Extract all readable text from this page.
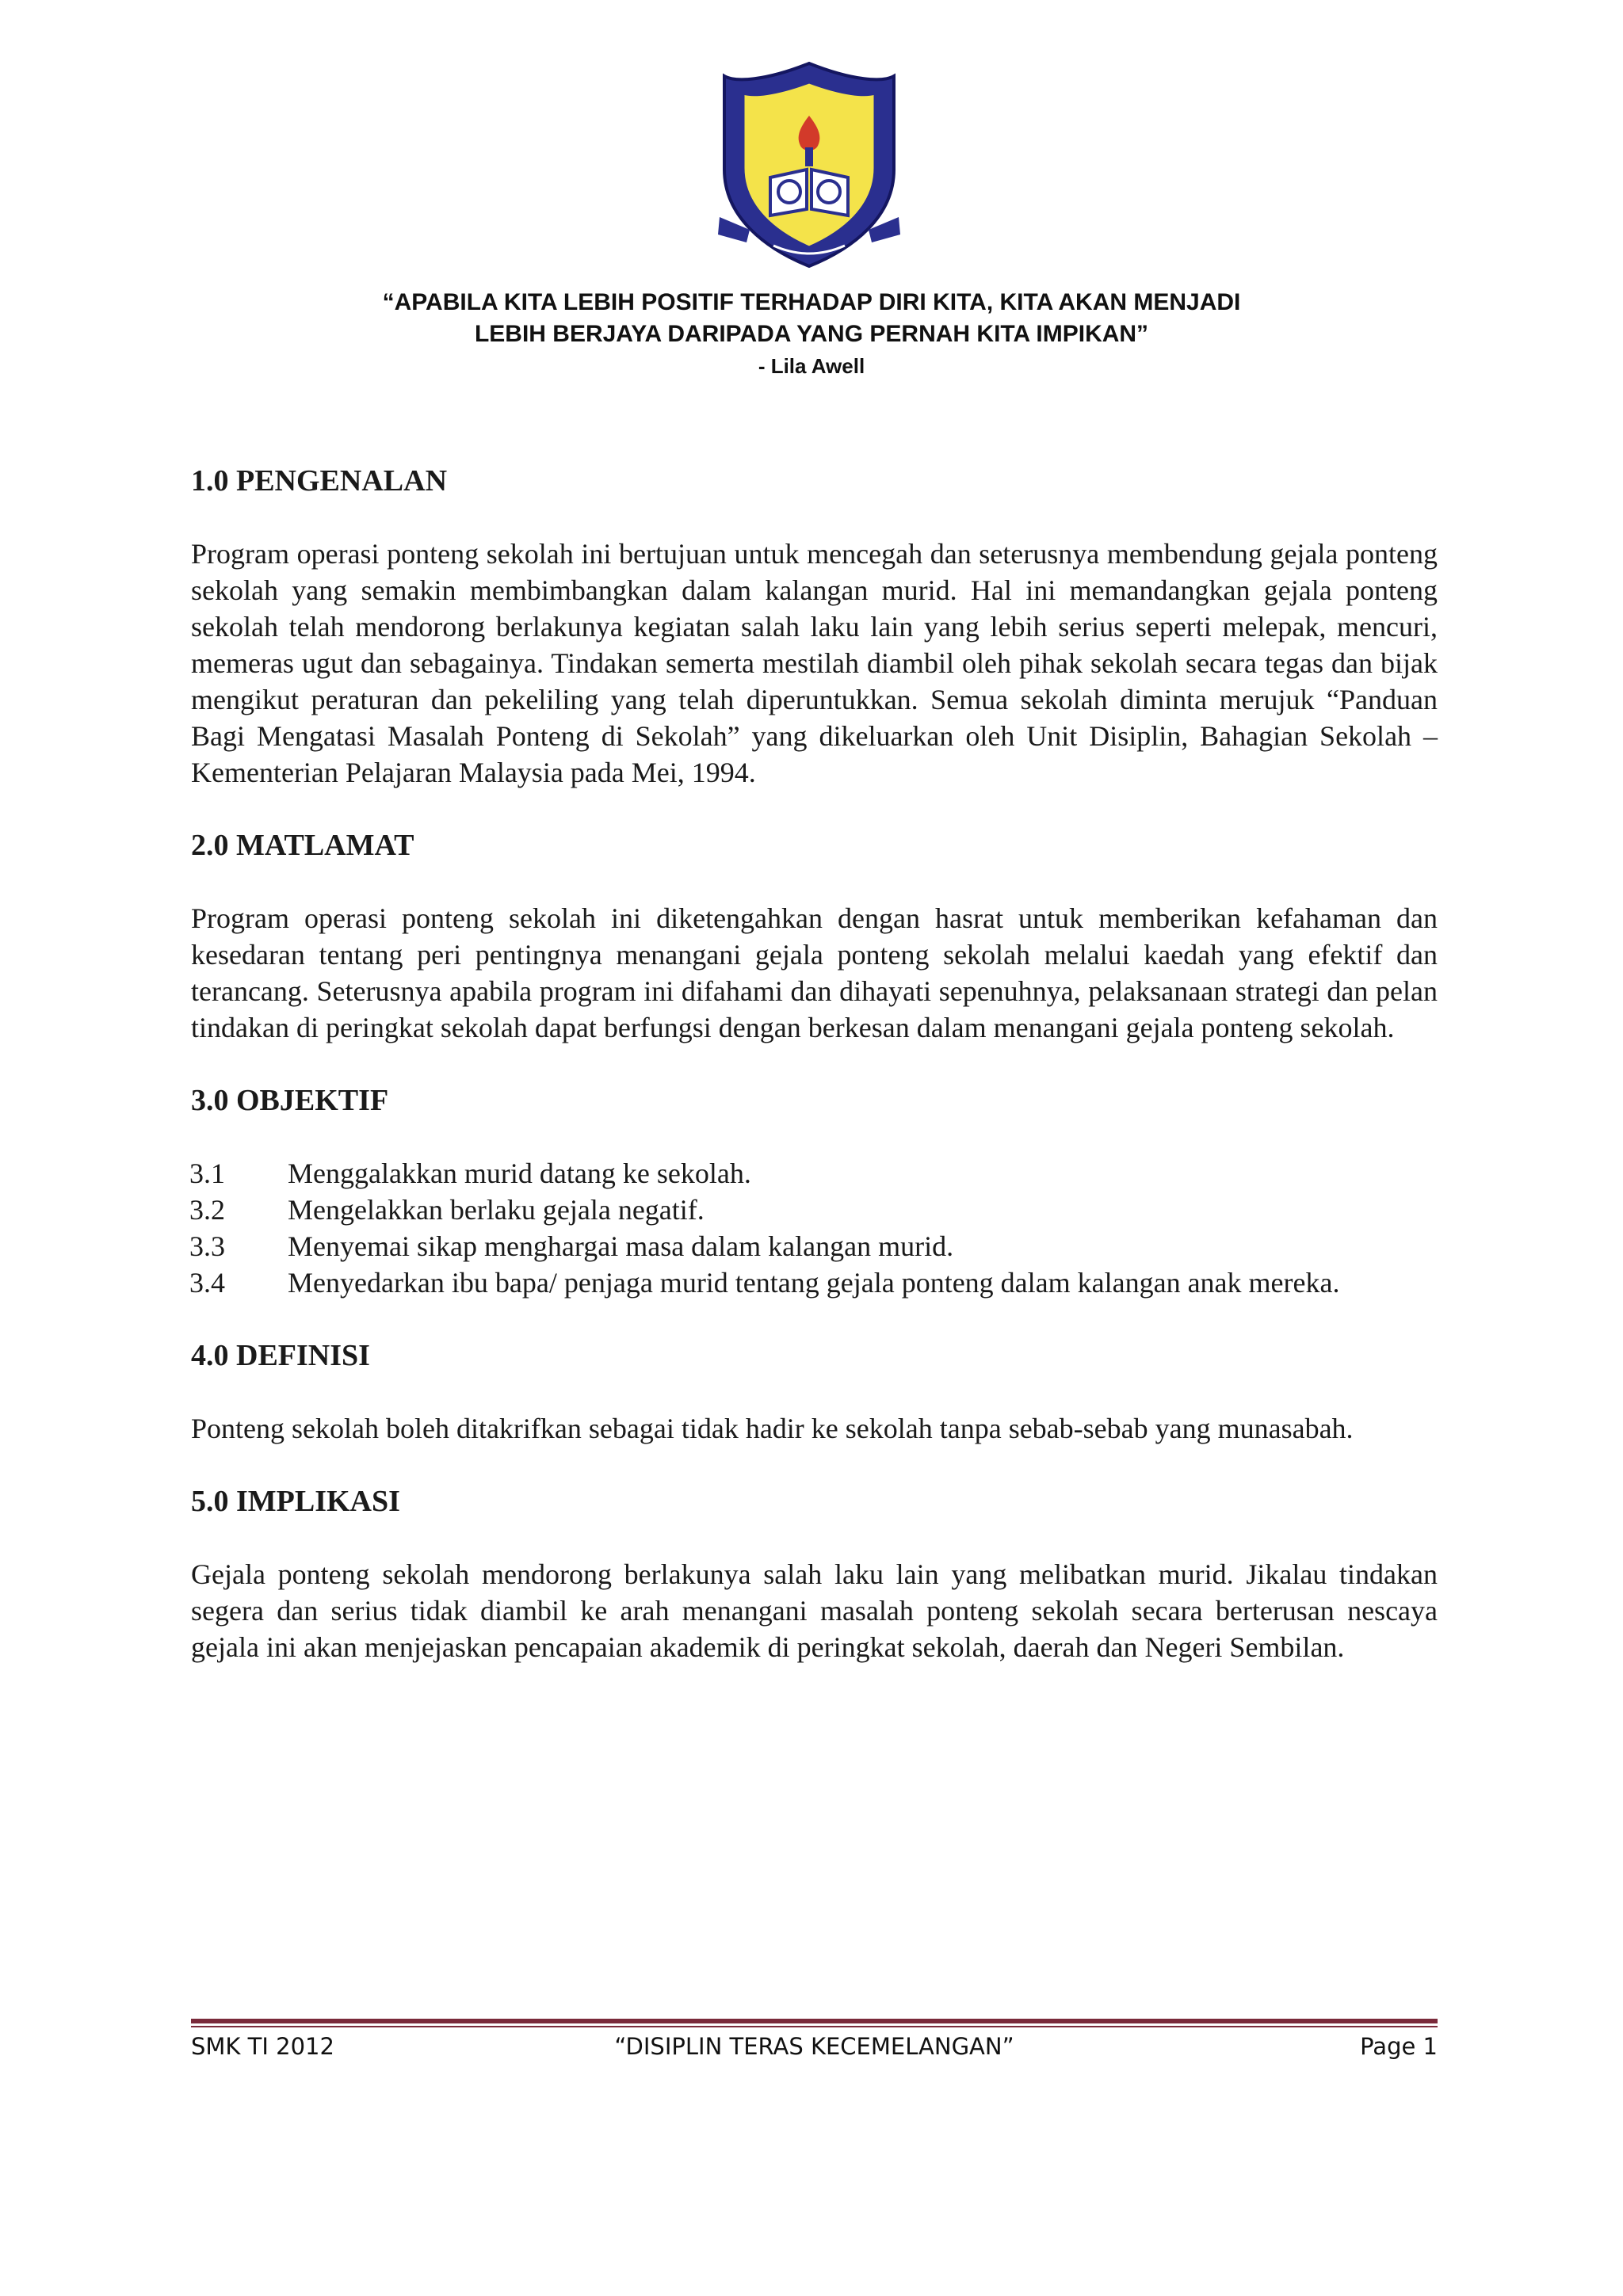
“APABILA KITA LEBIH POSITIF TERHADAP DIRI KITA, KITA AKAN MENJADI
LEBIH BERJAYA DARIPADA YANG PERNAH KITA IMPIKAN”
- Lila Awell
1.0 PENGENALAN

Program operasi ponteng sekolah ini bertujuan untuk mencegah dan seterusnya membendung gejala ponteng sekolah yang semakin membimbangkan dalam kalangan murid. Hal ini memandangkan gejala ponteng sekolah telah mendorong berlakunya kegiatan salah laku lain yang lebih serius seperti melepak, mencuri, memeras ugut dan sebagainya. Tindakan semerta mestilah diambil oleh pihak sekolah secara tegas dan bijak mengikut peraturan dan pekeliling yang telah diperuntukkan. Semua sekolah diminta merujuk “Panduan Bagi Mengatasi Masalah Ponteng di Sekolah” yang dikeluarkan oleh Unit Disiplin, Bahagian Sekolah – Kementerian Pelajaran Malaysia pada Mei, 1994.

2.0 MATLAMAT

Program operasi ponteng sekolah ini diketengahkan dengan hasrat untuk memberikan kefahaman dan kesedaran tentang peri pentingnya menangani gejala ponteng sekolah melalui kaedah yang efektif dan terancang. Seterusnya apabila program ini difahami dan dihayati sepenuhnya, pelaksanaan strategi dan pelan tindakan di peringkat sekolah dapat berfungsi dengan berkesan dalam menangani gejala ponteng sekolah.

3.0 OBJEKTIF
3.1 Menggalakkan murid datang ke sekolah.
3.2 Mengelakkan berlaku gejala negatif.
3.3 Menyemai sikap menghargai masa dalam kalangan murid.
3.4 Menyedarkan ibu bapa/ penjaga murid tentang gejala ponteng dalam kalangan anak mereka.
4.0 DEFINISI

Ponteng sekolah boleh ditakrifkan sebagai tidak hadir ke sekolah tanpa sebab-sebab yang munasabah.

5.0 IMPLIKASI

Gejala ponteng sekolah mendorong berlakunya salah laku lain yang melibatkan murid. Jikalau tindakan segera dan serius tidak diambil ke arah menangani masalah ponteng sekolah secara berterusan nescaya gejala ini akan menjejaskan pencapaian akademik di peringkat sekolah, daerah dan Negeri Sembilan.

SMK TI 2012	“DISIPLIN TERAS KECEMELANGAN”	Page 1
